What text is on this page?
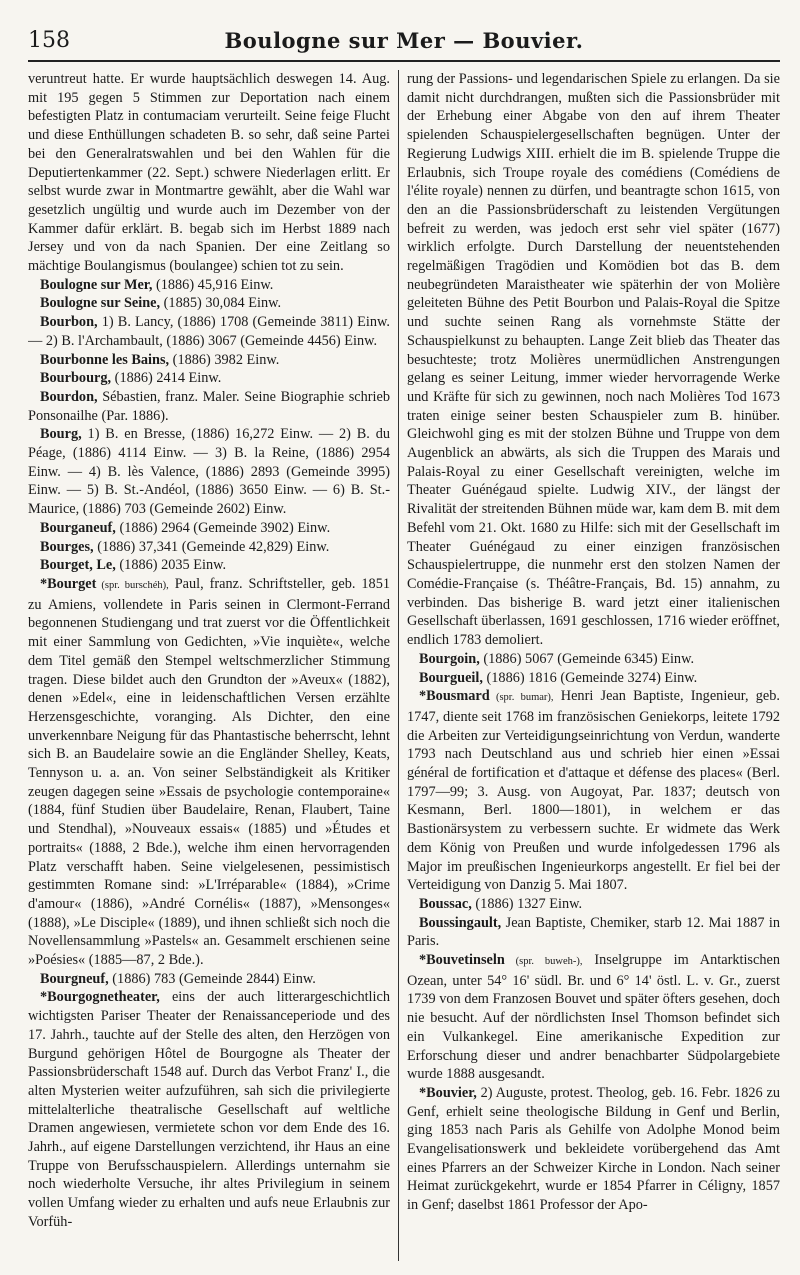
158	Boulogne sur Mer — Bouvier.

veruntreut hatte. Er wurde hauptsächlich deswegen 14. Aug. mit 195 gegen 5 Stimmen zur Deportation nach einem befestigten Platz in contumaciam verurteilt. Seine feige Flucht und diese Enthüllungen schadeten B. so sehr, daß seine Partei bei den Generalratswahlen und bei den Wahlen für die Deputiertenkammer (22. Sept.) schwere Niederlagen erlitt. Er selbst wurde zwar in Montmartre gewählt, aber die Wahl war gesetzlich ungültig und wurde auch im Dezember von der Kammer dafür erklärt. B. begab sich im Herbst 1889 nach Jersey und von da nach Spanien. Der eine Zeitlang so mächtige Boulangismus (boulangee) schien tot zu sein.

Boulogne sur Mer, (1886) 45,916 Einw.

Boulogne sur Seine, (1885) 30,084 Einw.

Bourbon, 1) B. Lancy, (1886) 1708 (Gemeinde 3811) Einw. — 2) B. l'Archambault, (1886) 3067 (Gemeinde 4456) Einw.

Bourbonne les Bains, (1886) 3982 Einw.

Bourbourg, (1886) 2414 Einw.

Bourdon, Sébastien, franz. Maler. Seine Biographie schrieb Ponsonailhe (Par. 1886).

Bourg, 1) B. en Bresse, (1886) 16,272 Einw. — 2) B. du Péage, (1886) 4114 Einw. — 3) B. la Reine, (1886) 2954 Einw. — 4) B. lès Valence, (1886) 2893 (Gemeinde 3995) Einw. — 5) B. St.-Andéol, (1886) 3650 Einw. — 6) B. St.-Maurice, (1886) 703 (Gemeinde 2602) Einw.

Bourganeuf, (1886) 2964 (Gemeinde 3902) Einw.

Bourges, (1886) 37,341 (Gemeinde 42,829) Einw.

Bourget, Le, (1886) 2035 Einw.

*Bourget (spr. burschéh), Paul, franz. Schriftsteller, geb. 1851 zu Amiens, vollendete in Paris seinen in Clermont-Ferrand begonnenen Studiengang und trat zuerst vor die Öffentlichkeit mit einer Sammlung von Gedichten, »Vie inquiète«, welche dem Titel gemäß den Stempel weltschmerzlicher Stimmung tragen. Diese bildet auch den Grundton der »Aveux« (1882), denen »Edel«, eine in leidenschaftlichen Versen erzählte Herzensgeschichte, voranging. Als Dichter, den eine unverkennbare Neigung für das Phantastische beherrscht, lehnt sich B. an Baudelaire sowie an die Engländer Shelley, Keats, Tennyson u. a. an. Von seiner Selbständigkeit als Kritiker zeugen dagegen seine »Essais de psychologie contemporaine« (1884, fünf Studien über Baudelaire, Renan, Flaubert, Taine und Stendhal), »Nouveaux essais« (1885) und »Études et portraits« (1888, 2 Bde.), welche ihm einen hervorragenden Platz verschafft haben. Seine vielgelesenen, pessimistisch gestimmten Romane sind: »L'Irréparable« (1884), »Crime d'amour« (1886), »André Cornélis« (1887), »Mensonges« (1888), »Le Disciple« (1889), und ihnen schließt sich noch die Novellensammlung »Pastels« an. Gesammelt erschienen seine »Poésies« (1885—87, 2 Bde.).

Bourgneuf, (1886) 783 (Gemeinde 2844) Einw.

*Bourgognetheater, eins der auch litterargeschichtlich wichtigsten Pariser Theater der Renaissanceperiode und des 17. Jahrh., tauchte auf der Stelle des alten, den Herzögen von Burgund gehörigen Hôtel de Bourgogne als Theater der Passionsbrüderschaft 1548 auf. Durch das Verbot Franz' I., die alten Mysterien weiter aufzuführen, sah sich die privilegierte mittelalterliche theatralische Gesellschaft auf weltliche Dramen angewiesen, vermietete schon vor dem Ende des 16. Jahrh., auf eigene Darstellungen verzichtend, ihr Haus an eine Truppe von Berufsschauspielern. Allerdings unternahm sie noch wiederholte Versuche, ihr altes Privilegium in seinem vollen Umfang wieder zu erhalten und aufs neue Erlaubnis zur Vorfüh-

rung der Passions- und legendarischen Spiele zu erlangen. Da sie damit nicht durchdrangen, mußten sich die Passionsbrüder mit der Erhebung einer Abgabe von den auf ihrem Theater spielenden Schauspielergesellschaften begnügen. Unter der Regierung Ludwigs XIII. erhielt die im B. spielende Truppe die Erlaubnis, sich Troupe royale des comédiens (Comédiens de l'élite royale) nennen zu dürfen, und beantragte schon 1615, von den an die Passionsbrüderschaft zu leistenden Vergütungen befreit zu werden, was jedoch erst sehr viel später (1677) wirklich erfolgte. Durch Darstellung der neuentstehenden regelmäßigen Tragödien und Komödien bot das B. dem neubegründeten Maraistheater wie späterhin der von Molière geleiteten Bühne des Petit Bourbon und Palais-Royal die Spitze und suchte seinen Rang als vornehmste Stätte der Schauspielkunst zu behaupten. Lange Zeit blieb das Theater das besuchteste; trotz Molières unermüdlichen Anstrengungen gelang es seiner Leitung, immer wieder hervorragende Werke und Kräfte für sich zu gewinnen, noch nach Molières Tod 1673 traten einige seiner besten Schauspieler zum B. hinüber. Gleichwohl ging es mit der stolzen Bühne und Truppe von dem Augenblick an abwärts, als sich die Truppen des Marais und Palais-Royal zu einer Gesellschaft vereinigten, welche im Theater Guénégaud spielte. Ludwig XIV., der längst der Rivalität der streitenden Bühnen müde war, kam dem B. mit dem Befehl vom 21. Okt. 1680 zu Hilfe: sich mit der Gesellschaft im Theater Guénégaud zu einer einzigen französischen Schauspielertruppe, die nunmehr erst den stolzen Namen der Comédie-Française (s. Théâtre-Français, Bd. 15) annahm, zu verbinden. Das bisherige B. ward jetzt einer italienischen Gesellschaft überlassen, 1691 geschlossen, 1716 wieder eröffnet, endlich 1783 demoliert.

Bourgoin, (1886) 5067 (Gemeinde 6345) Einw.

Bourgueil, (1886) 1816 (Gemeinde 3274) Einw.

*Bousmard (spr. bumar), Henri Jean Baptiste, Ingenieur, geb. 1747, diente seit 1768 im französischen Geniekorps, leitete 1792 die Arbeiten zur Verteidigungseinrichtung von Verdun, wanderte 1793 nach Deutschland aus und schrieb hier einen »Essai général de fortification et d'attaque et défense des places« (Berl. 1797—99; 3. Ausg. von Augoyat, Par. 1837; deutsch von Kesmann, Berl. 1800—1801), in welchem er das Bastionärsystem zu verbessern suchte. Er widmete das Werk dem König von Preußen und wurde infolgedessen 1796 als Major im preußischen Ingenieurkorps angestellt. Er fiel bei der Verteidigung von Danzig 5. Mai 1807.

Boussac, (1886) 1327 Einw.

Boussingault, Jean Baptiste, Chemiker, starb 12. Mai 1887 in Paris.

*Bouvetinseln (spr. buweh-), Inselgruppe im Antarktischen Ozean, unter 54° 16' südl. Br. und 6° 14' östl. L. v. Gr., zuerst 1739 von dem Franzosen Bouvet und später öfters gesehen, doch nie besucht. Auf der nördlichsten Insel Thomson befindet sich ein Vulkankegel. Eine amerikanische Expedition zur Erforschung dieser und andrer benachbarter Südpolargebiete wurde 1888 ausgesandt.

*Bouvier, 2) Auguste, protest. Theolog, geb. 16. Febr. 1826 zu Genf, erhielt seine theologische Bildung in Genf und Berlin, ging 1853 nach Paris als Gehilfe von Adolphe Monod beim Evangelisationswerk und bekleidete vorübergehend das Amt eines Pfarrers an der Schweizer Kirche in London. Nach seiner Heimat zurückgekehrt, wurde er 1854 Pfarrer in Céligny, 1857 in Genf; daselbst 1861 Professor der Apo-
